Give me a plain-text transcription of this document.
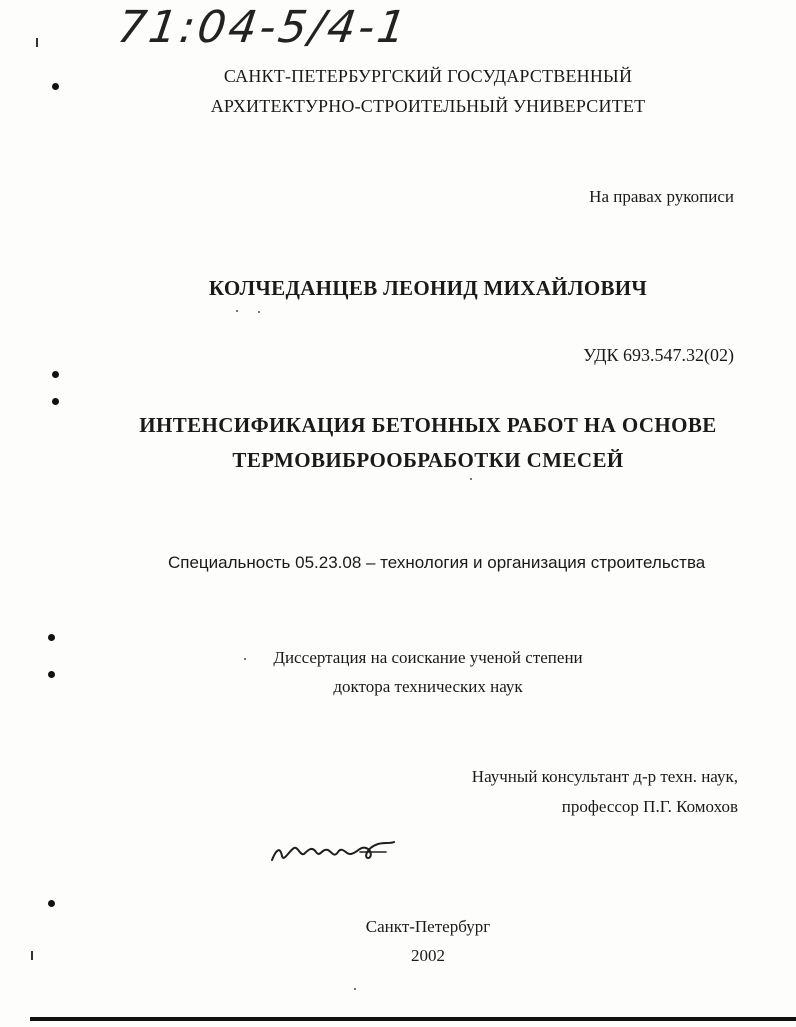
71:04-5/4-1
САНКТ-ПЕТЕРБУРГСКИЙ ГОСУДАРСТВЕННЫЙ
АРХИТЕКТУРНО-СТРОИТЕЛЬНЫЙ УНИВЕРСИТЕТ
На правах рукописи
КОЛЧЕДАНЦЕВ ЛЕОНИД МИХАЙЛОВИЧ
УДК 693.547.32(02)
ИНТЕНСИФИКАЦИЯ БЕТОННЫХ РАБОТ НА ОСНОВЕ
ТЕРМОВИБРООБРАБОТКИ СМЕСЕЙ
Специальность 05.23.08 – технология и организация строительства
Диссертация на соискание ученой степени
доктора технических наук
Научный консультант д-р техн. наук,
профессор П.Г. Комохов
Санкт-Петербург
2002
